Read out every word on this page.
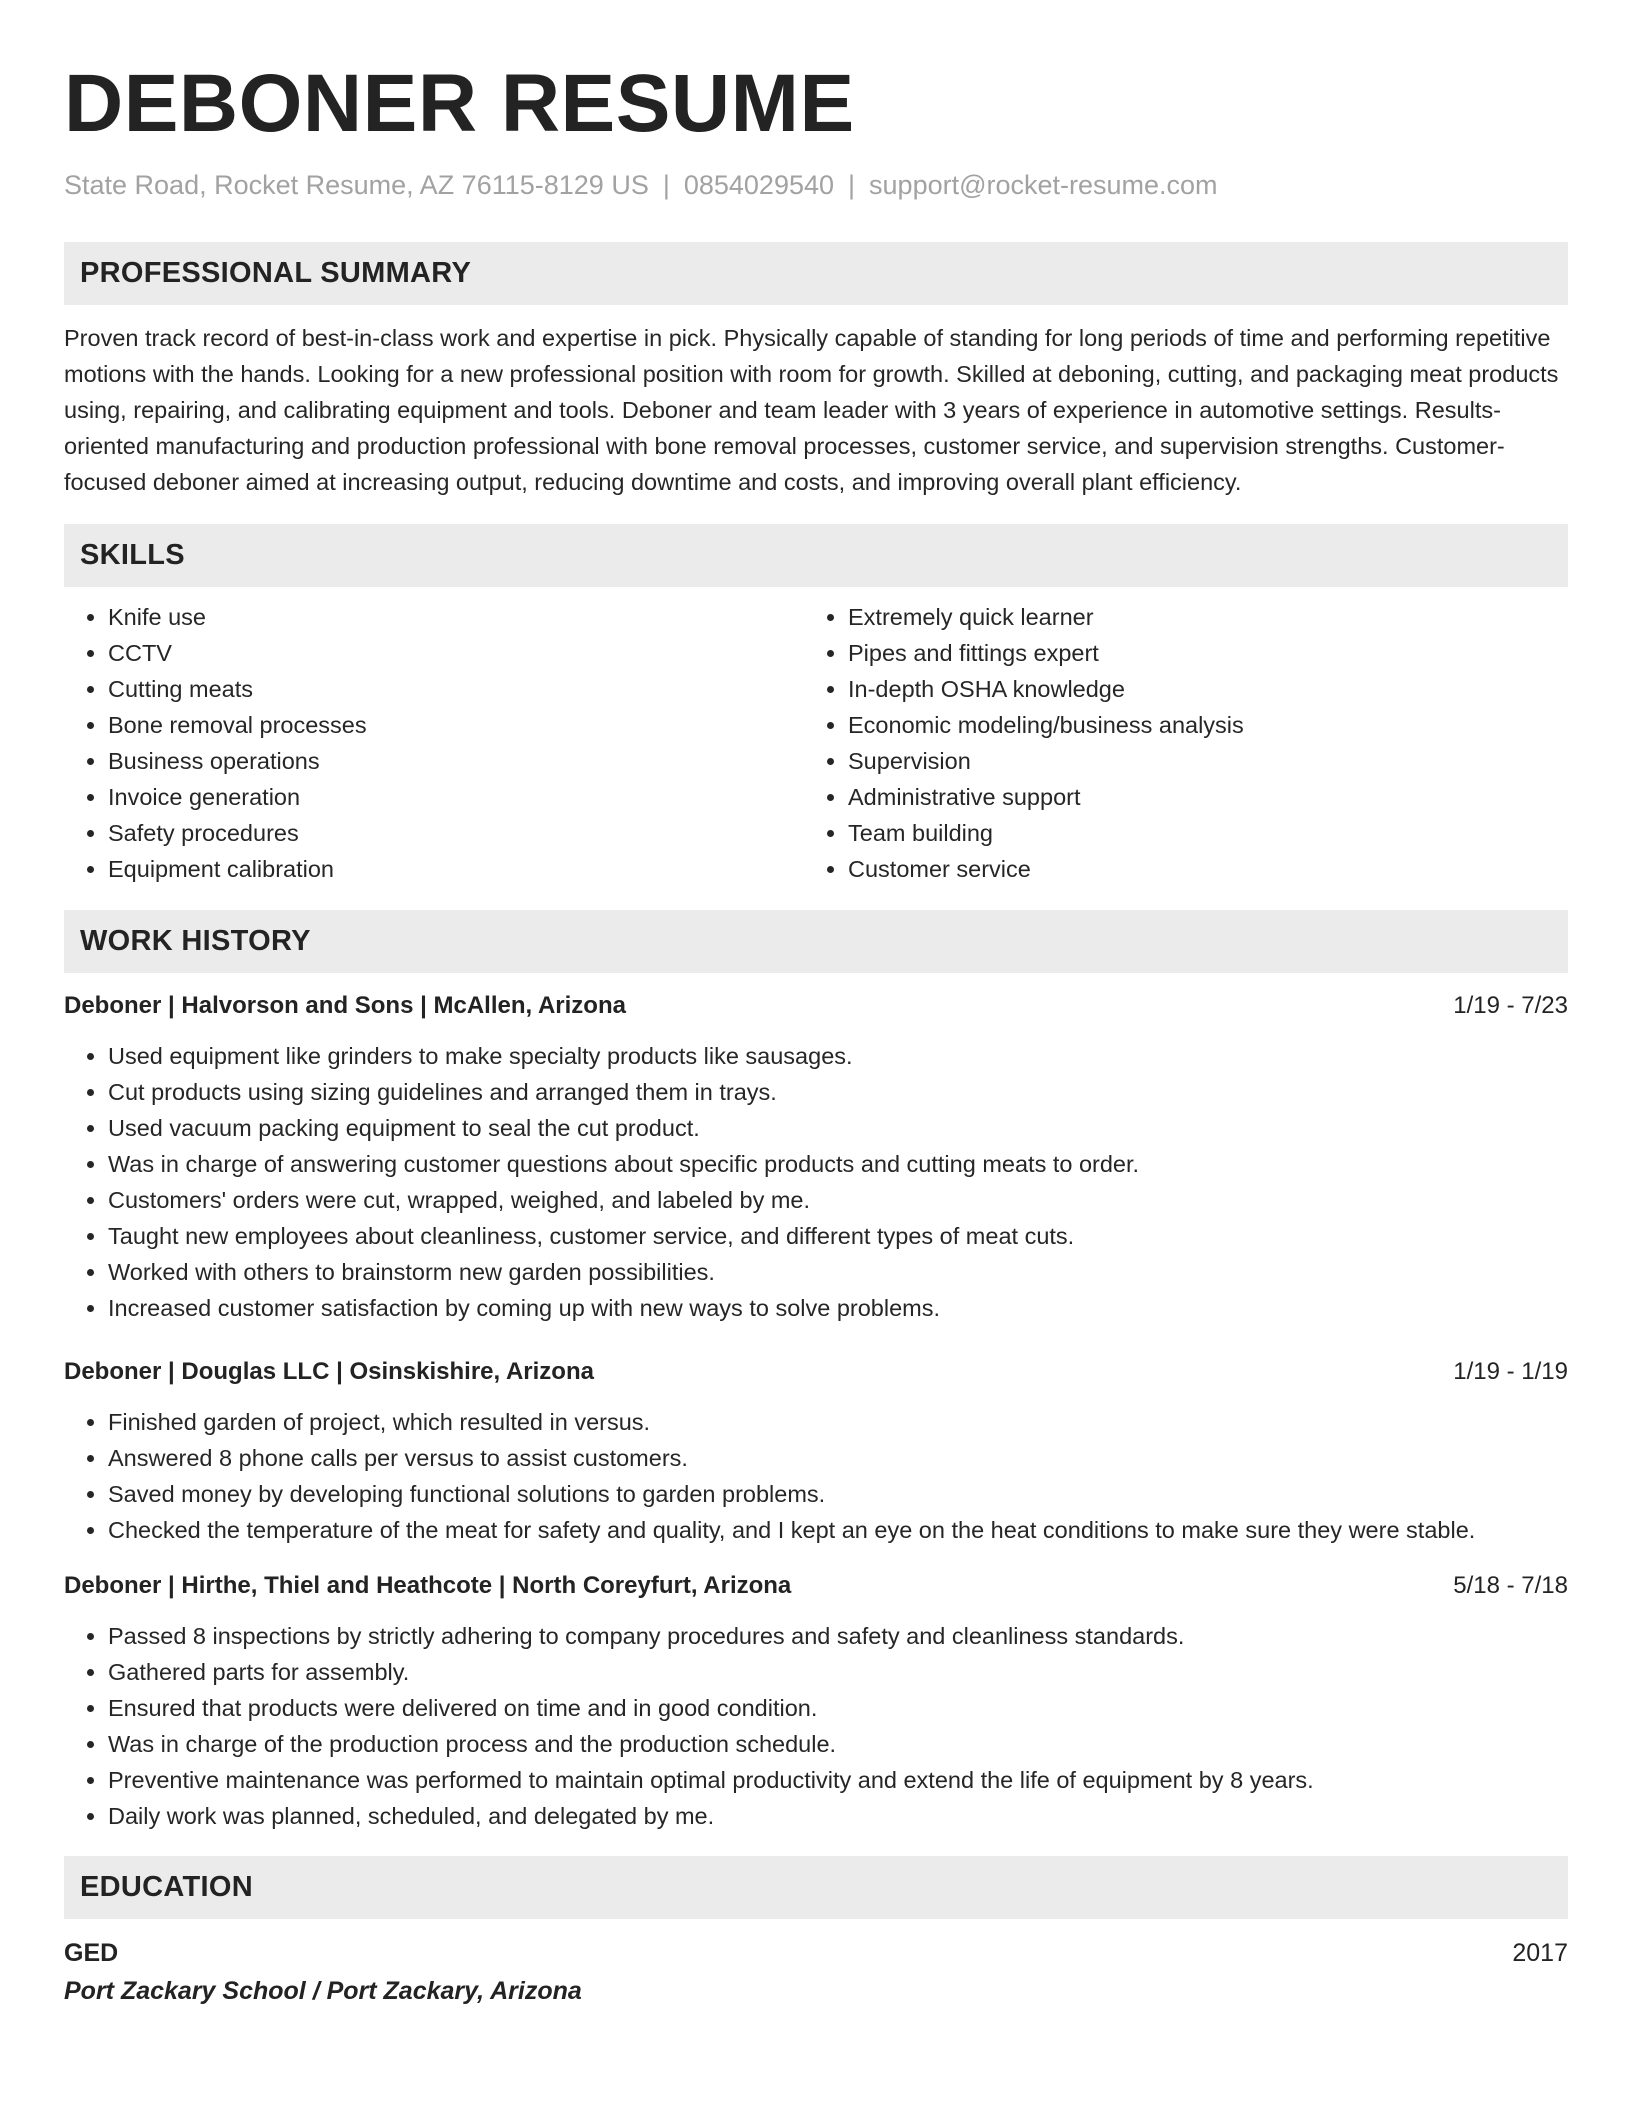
DEBONER RESUME
State Road, Rocket Resume, AZ 76115-8129 US | 0854029540 | support@rocket-resume.com
PROFESSIONAL SUMMARY

Proven track record of best-in-class work and expertise in pick. Physically capable of standing for long periods of time and performing repetitive motions with the hands. Looking for a new professional position with room for growth. Skilled at deboning, cutting, and packaging meat products using, repairing, and calibrating equipment and tools. Deboner and team leader with 3 years of experience in automotive settings. Results-oriented manufacturing and production professional with bone removal processes, customer service, and supervision strengths. Customer-focused deboner aimed at increasing output, reducing downtime and costs, and improving overall plant efficiency.

SKILLS
• Knife use
• CCTV
• Cutting meats
• Bone removal processes
• Business operations
• Invoice generation
• Safety procedures
• Equipment calibration
• Extremely quick learner
• Pipes and fittings expert
• In-depth OSHA knowledge
• Economic modeling/business analysis
• Supervision
• Administrative support
• Team building
• Customer service
WORK HISTORY
Deboner | Halvorson and Sons | McAllen, Arizona	1/19 - 7/23
• Used equipment like grinders to make specialty products like sausages.
• Cut products using sizing guidelines and arranged them in trays.
• Used vacuum packing equipment to seal the cut product.
• Was in charge of answering customer questions about specific products and cutting meats to order.
• Customers' orders were cut, wrapped, weighed, and labeled by me.
• Taught new employees about cleanliness, customer service, and different types of meat cuts.
• Worked with others to brainstorm new garden possibilities.
• Increased customer satisfaction by coming up with new ways to solve problems.
Deboner | Douglas LLC | Osinskishire, Arizona	1/19 - 1/19
• Finished garden of project, which resulted in versus.
• Answered 8 phone calls per versus to assist customers.
• Saved money by developing functional solutions to garden problems.
• Checked the temperature of the meat for safety and quality, and I kept an eye on the heat conditions to make sure they were stable.
Deboner | Hirthe, Thiel and Heathcote | North Coreyfurt, Arizona	5/18 - 7/18
• Passed 8 inspections by strictly adhering to company procedures and safety and cleanliness standards.
• Gathered parts for assembly.
• Ensured that products were delivered on time and in good condition.
• Was in charge of the production process and the production schedule.
• Preventive maintenance was performed to maintain optimal productivity and extend the life of equipment by 8 years.
• Daily work was planned, scheduled, and delegated by me.
EDUCATION
GED	2017
Port Zackary School / Port Zackary, Arizona
